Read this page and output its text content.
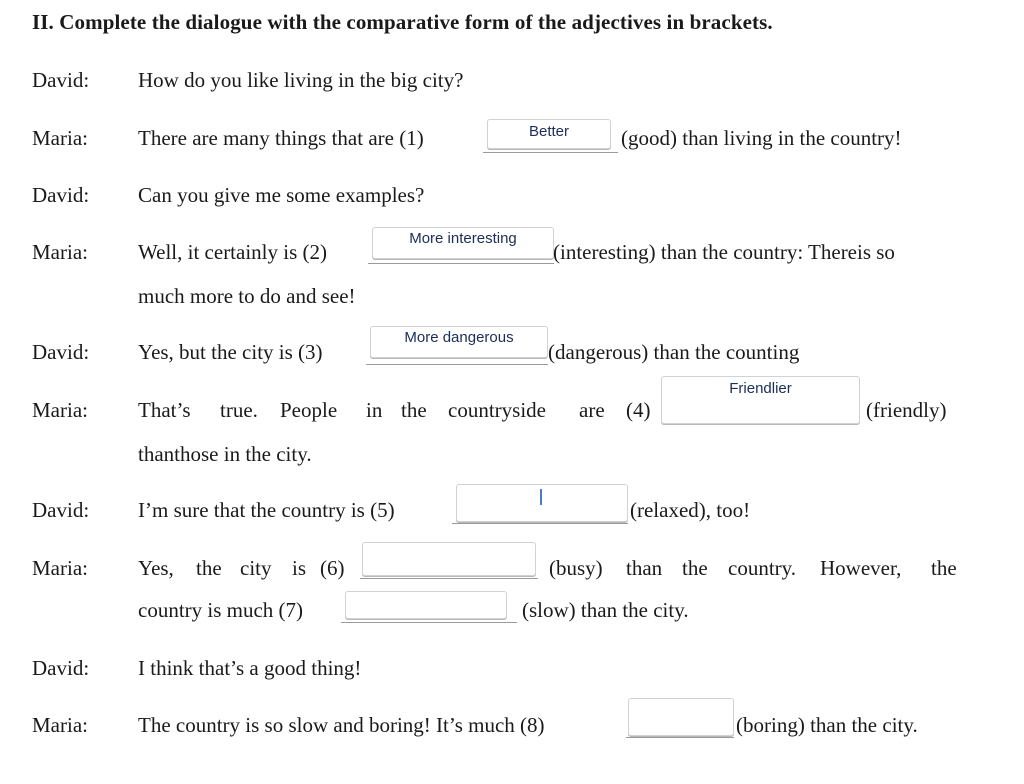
II. Complete the dialogue with the comparative form of the adjectives in brackets.
David: How do you like living in the big city?
Maria: There are many things that are (1)	Better	(good) than living in the country!
David: Can you give me some examples?
Maria: Well, it certainly is (2)
More interesting
(interesting) than the country: Thereis so
much more to do and see!
David: Yes, but the city is (3)
More dangerous
(dangerous) than the counting
Maria: That’s true. People in the countryside are (4)
Friendlier
(friendly)
thanthose in the city.
David: I’m sure that the country is (5)	(relaxed), too!
Maria: Yes, the city is (6)	(busy) than the country. However, the
country is much (7)	(slow) than the city.
David: I think that’s a good thing!
Maria: The country is so slow and boring! It’s much (8)	(boring) than the city.
